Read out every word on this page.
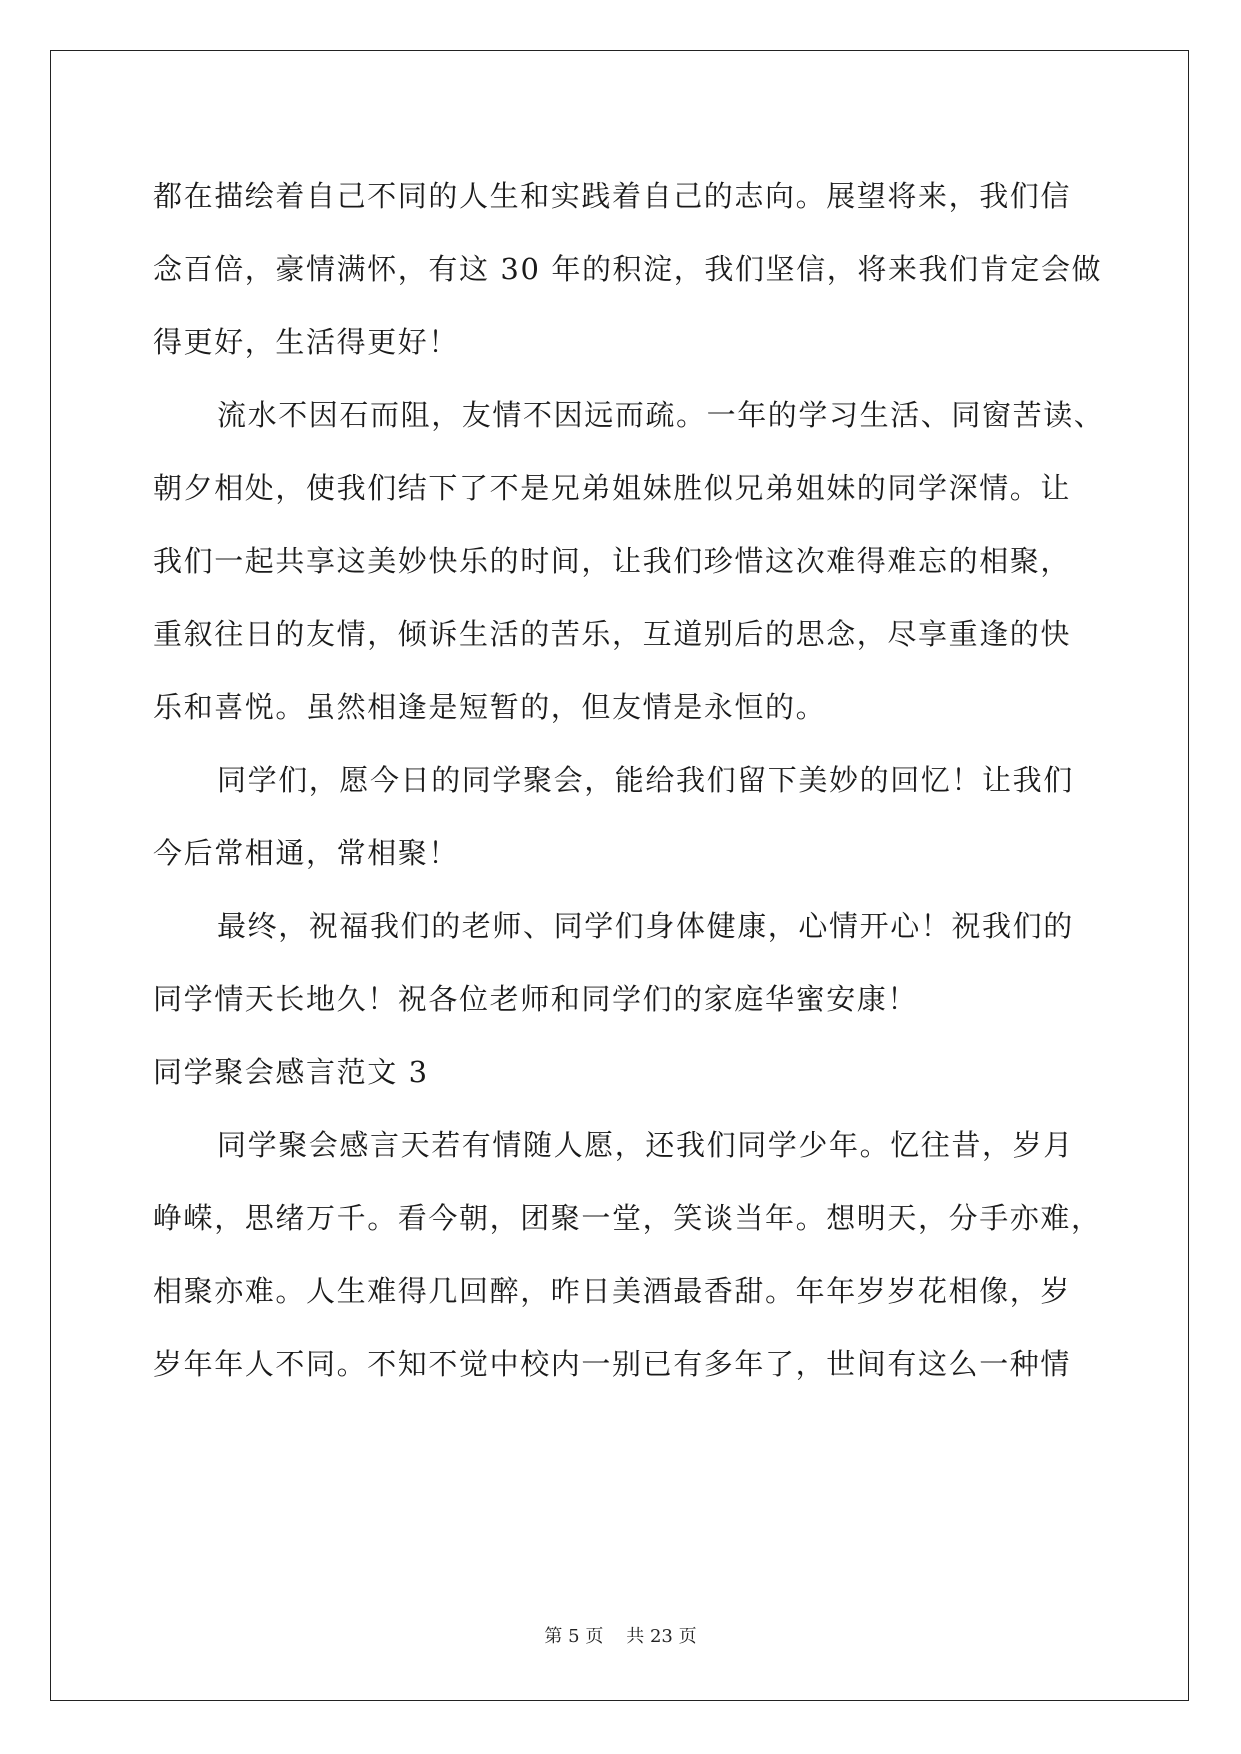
都在描绘着自己不同的人生和实践着自己的志向。展望将来，我们信

念百倍，豪情满怀，有这 30 年的积淀，我们坚信，将来我们肯定会做

得更好，生活得更好！

流水不因石而阻，友情不因远而疏。一年的学习生活、同窗苦读、

朝夕相处，使我们结下了不是兄弟姐妹胜似兄弟姐妹的同学深情。让

我们一起共享这美妙快乐的时间，让我们珍惜这次难得难忘的相聚，

重叙往日的友情，倾诉生活的苦乐，互道别后的思念，尽享重逢的快

乐和喜悦。虽然相逢是短暂的，但友情是永恒的。

同学们，愿今日的同学聚会，能给我们留下美妙的回忆！让我们

今后常相通，常相聚！

最终，祝福我们的老师、同学们身体健康，心情开心！祝我们的

同学情天长地久！祝各位老师和同学们的家庭华蜜安康！

同学聚会感言范文 3

同学聚会感言天若有情随人愿，还我们同学少年。忆往昔，岁月

峥嵘，思绪万千。看今朝，团聚一堂，笑谈当年。想明天，分手亦难，

相聚亦难。人生难得几回醉，昨日美酒最香甜。年年岁岁花相像，岁

岁年年人不同。不知不觉中校内一别已有多年了，世间有这么一种情

第 5 页 共 23 页
